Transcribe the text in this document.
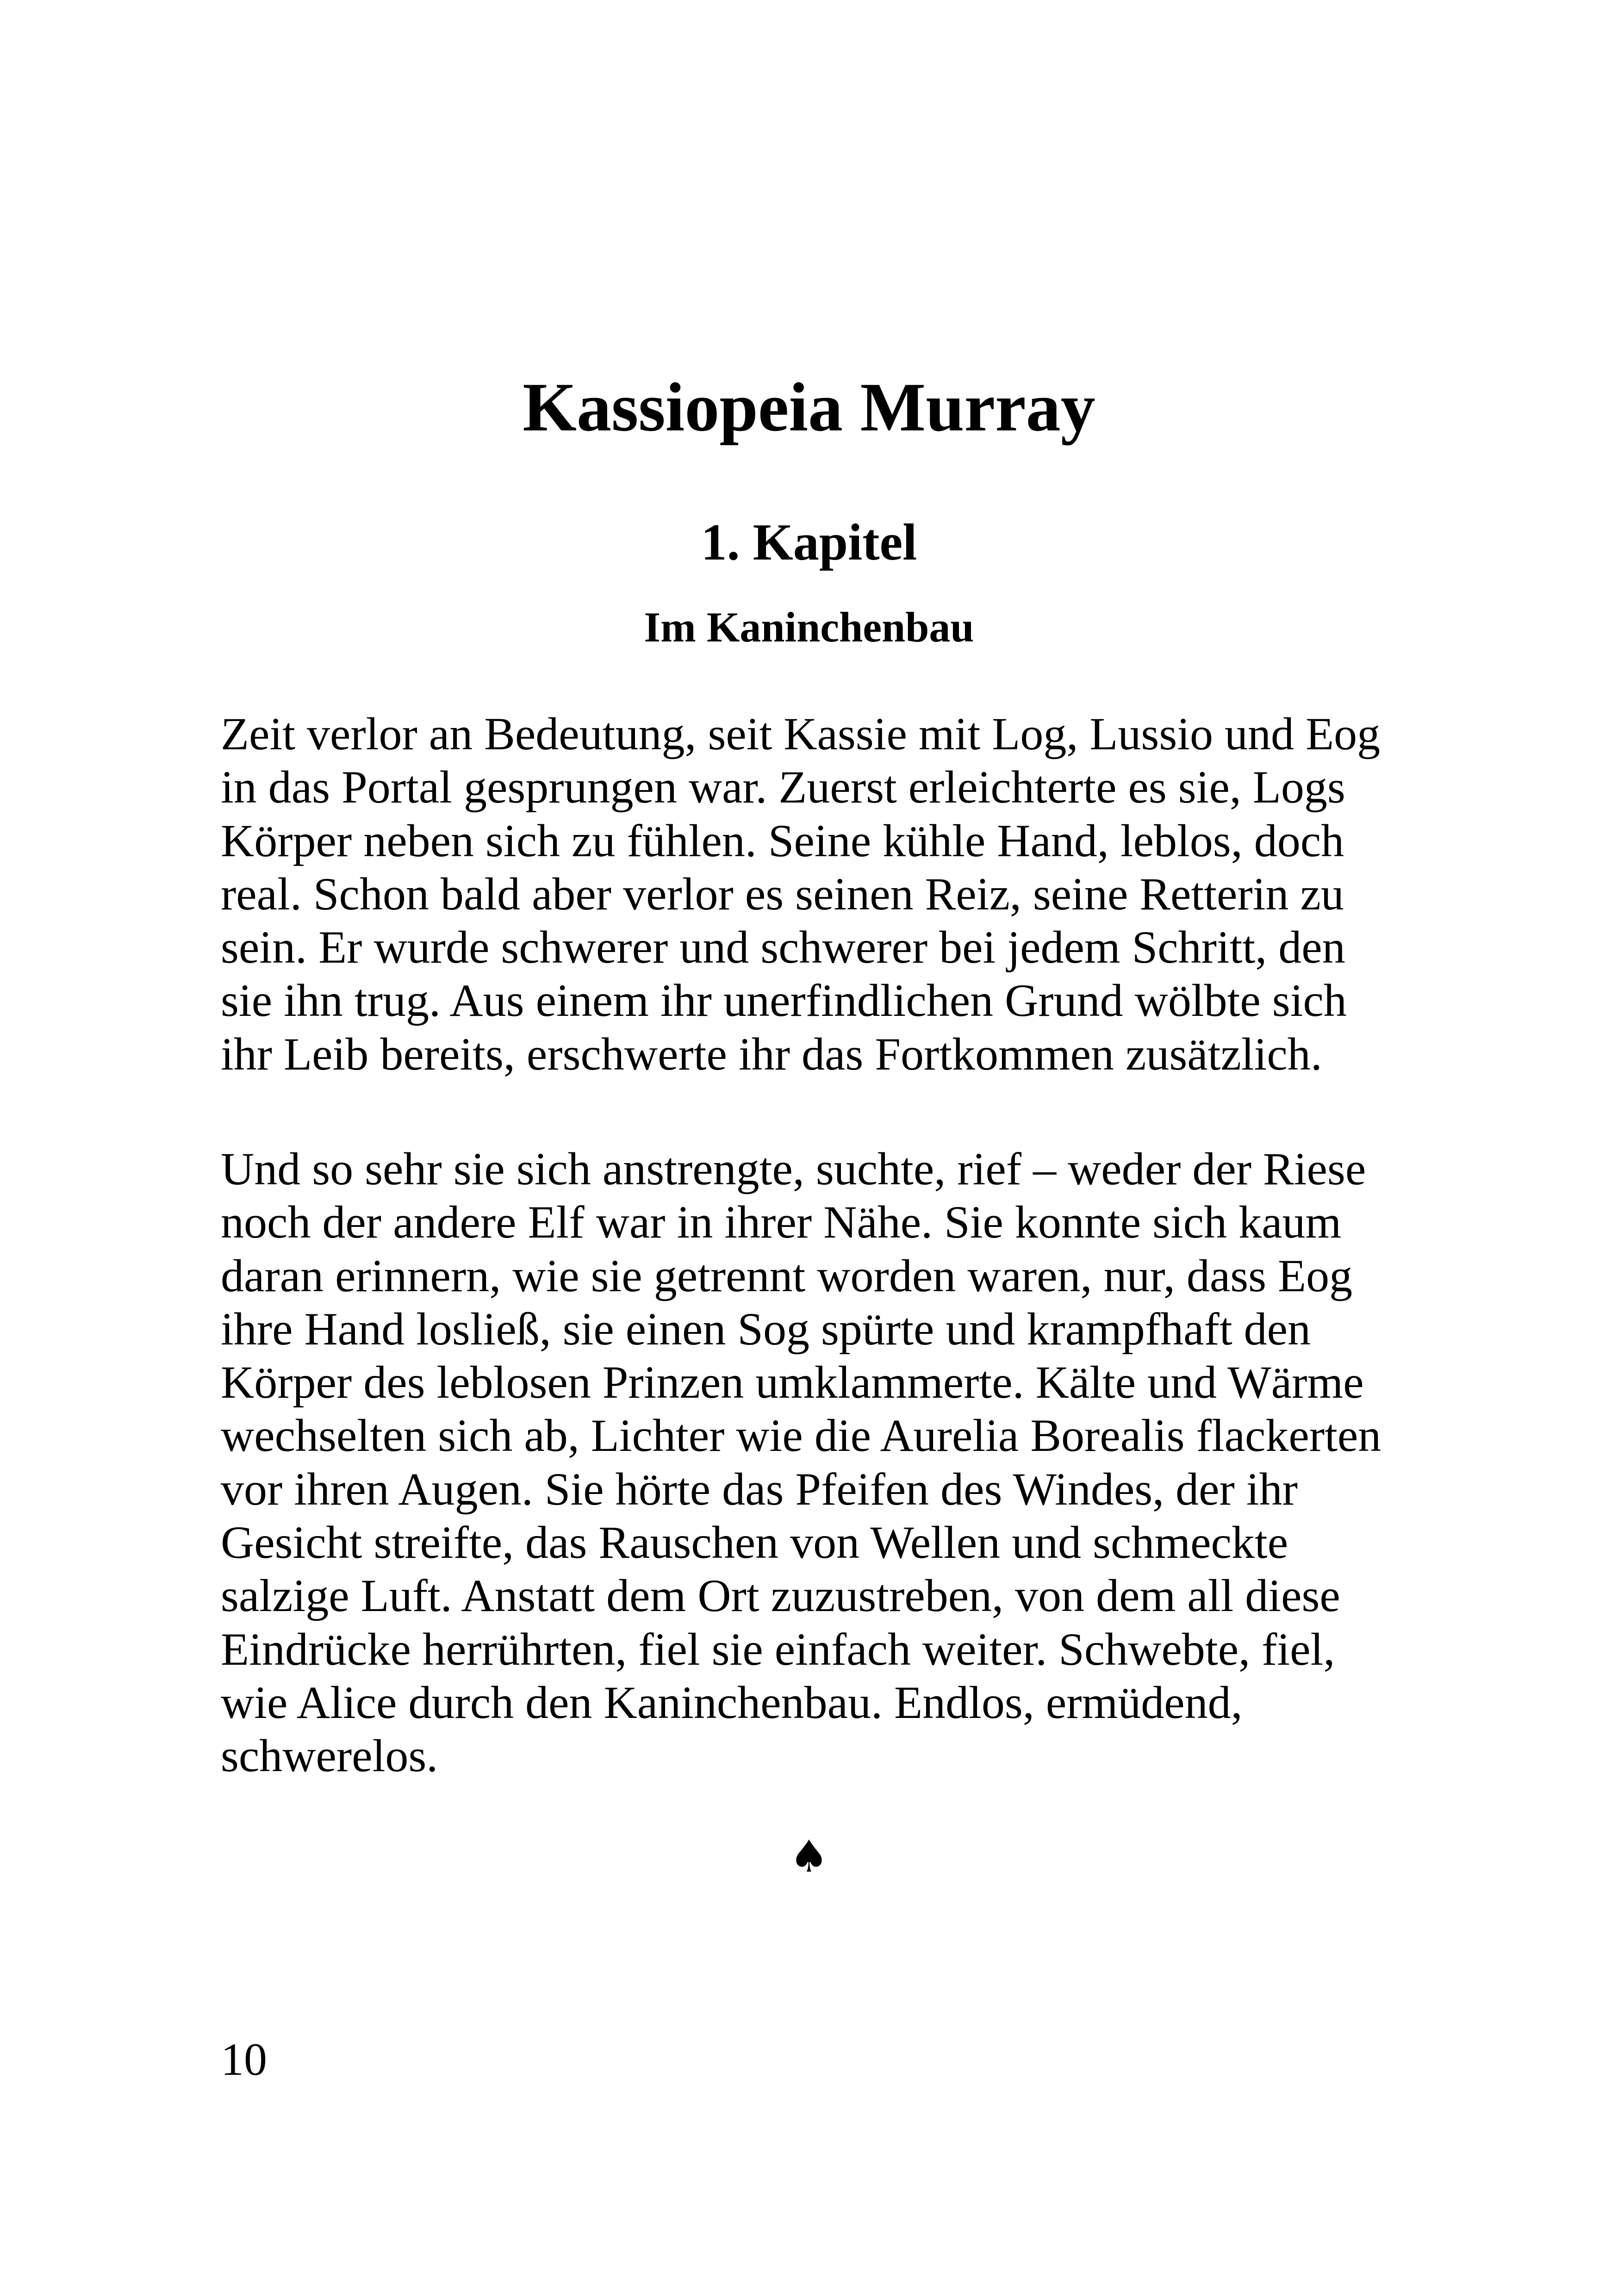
Kassiopeia Murray
1. Kapitel
Im Kaninchenbau

Zeit verlor an Bedeutung, seit Kassie mit Log, Lussio und Eog
in das Portal gesprungen war. Zuerst erleichterte es sie, Logs
Körper neben sich zu fühlen. Seine kühle Hand, leblos, doch
real. Schon bald aber verlor es seinen Reiz, seine Retterin zu
sein. Er wurde schwerer und schwerer bei jedem Schritt, den
sie ihn trug. Aus einem ihr unerfindlichen Grund wölbte sich
ihr Leib bereits, erschwerte ihr das Fortkommen zusätzlich.

Und so sehr sie sich anstrengte, suchte, rief – weder der Riese
noch der andere Elf war in ihrer Nähe. Sie konnte sich kaum
daran erinnern, wie sie getrennt worden waren, nur, dass Eog
ihre Hand losließ, sie einen Sog spürte und krampfhaft den
Körper des leblosen Prinzen umklammerte. Kälte und Wärme
wechselten sich ab, Lichter wie die Aurelia Borealis flackerten
vor ihren Augen. Sie hörte das Pfeifen des Windes, der ihr
Gesicht streifte, das Rauschen von Wellen und schmeckte
salzige Luft. Anstatt dem Ort zuzustreben, von dem all diese
Eindrücke herrührten, fiel sie einfach weiter. Schwebte, fiel,
wie Alice durch den Kaninchenbau. Endlos, ermüdend,
schwerelos.

♠
10
